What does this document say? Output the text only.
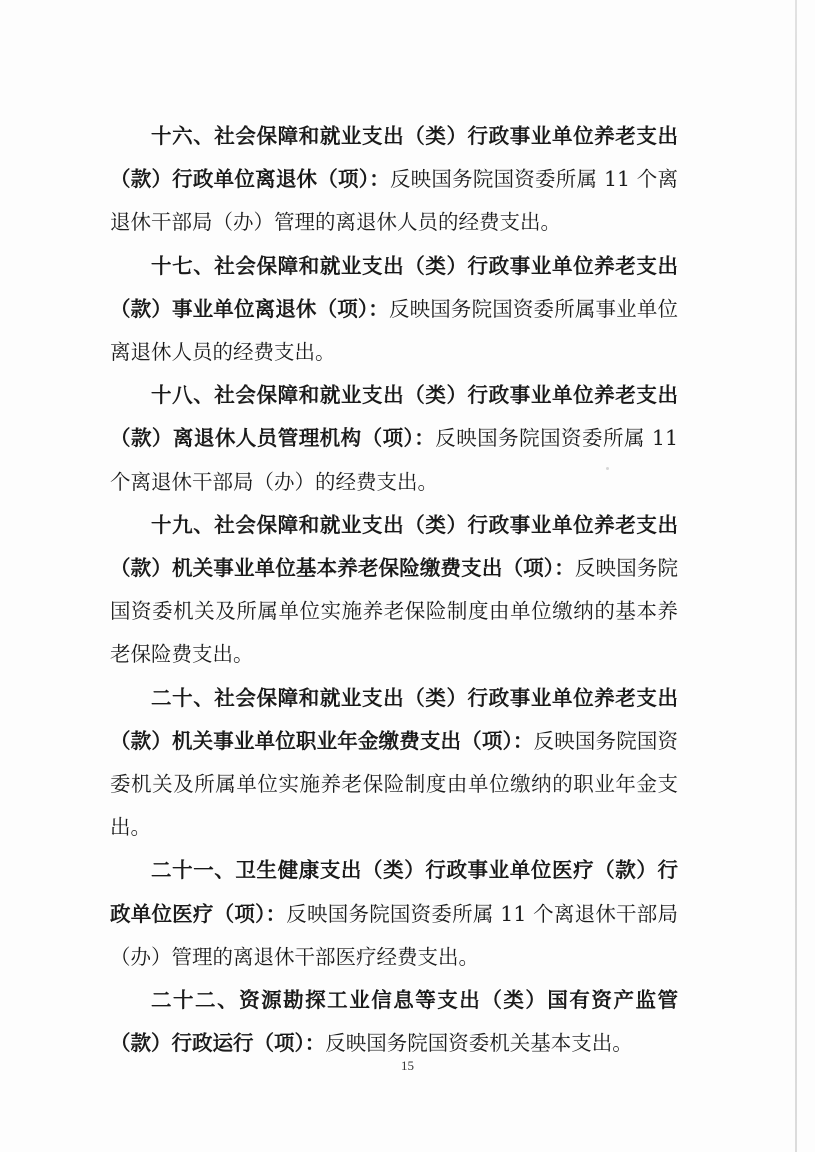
十六、社会保障和就业支出（类）行政事业单位养老支出（款）行政单位离退休（项）：反映国务院国资委所属 11 个离退休干部局（办）管理的离退休人员的经费支出。

十七、社会保障和就业支出（类）行政事业单位养老支出（款）事业单位离退休（项）：反映国务院国资委所属事业单位离退休人员的经费支出。

十八、社会保障和就业支出（类）行政事业单位养老支出（款）离退休人员管理机构（项）：反映国务院国资委所属 11 个离退休干部局（办）的经费支出。

十九、社会保障和就业支出（类）行政事业单位养老支出（款）机关事业单位基本养老保险缴费支出（项）：反映国务院国资委机关及所属单位实施养老保险制度由单位缴纳的基本养老保险费支出。

二十、社会保障和就业支出（类）行政事业单位养老支出（款）机关事业单位职业年金缴费支出（项）：反映国务院国资委机关及所属单位实施养老保险制度由单位缴纳的职业年金支出。

二十一、卫生健康支出（类）行政事业单位医疗（款）行政单位医疗（项）：反映国务院国资委所属 11 个离退休干部局（办）管理的离退休干部医疗经费支出。

二十二、资源勘探工业信息等支出（类）国有资产监管（款）行政运行（项）：反映国务院国资委机关基本支出。

15
